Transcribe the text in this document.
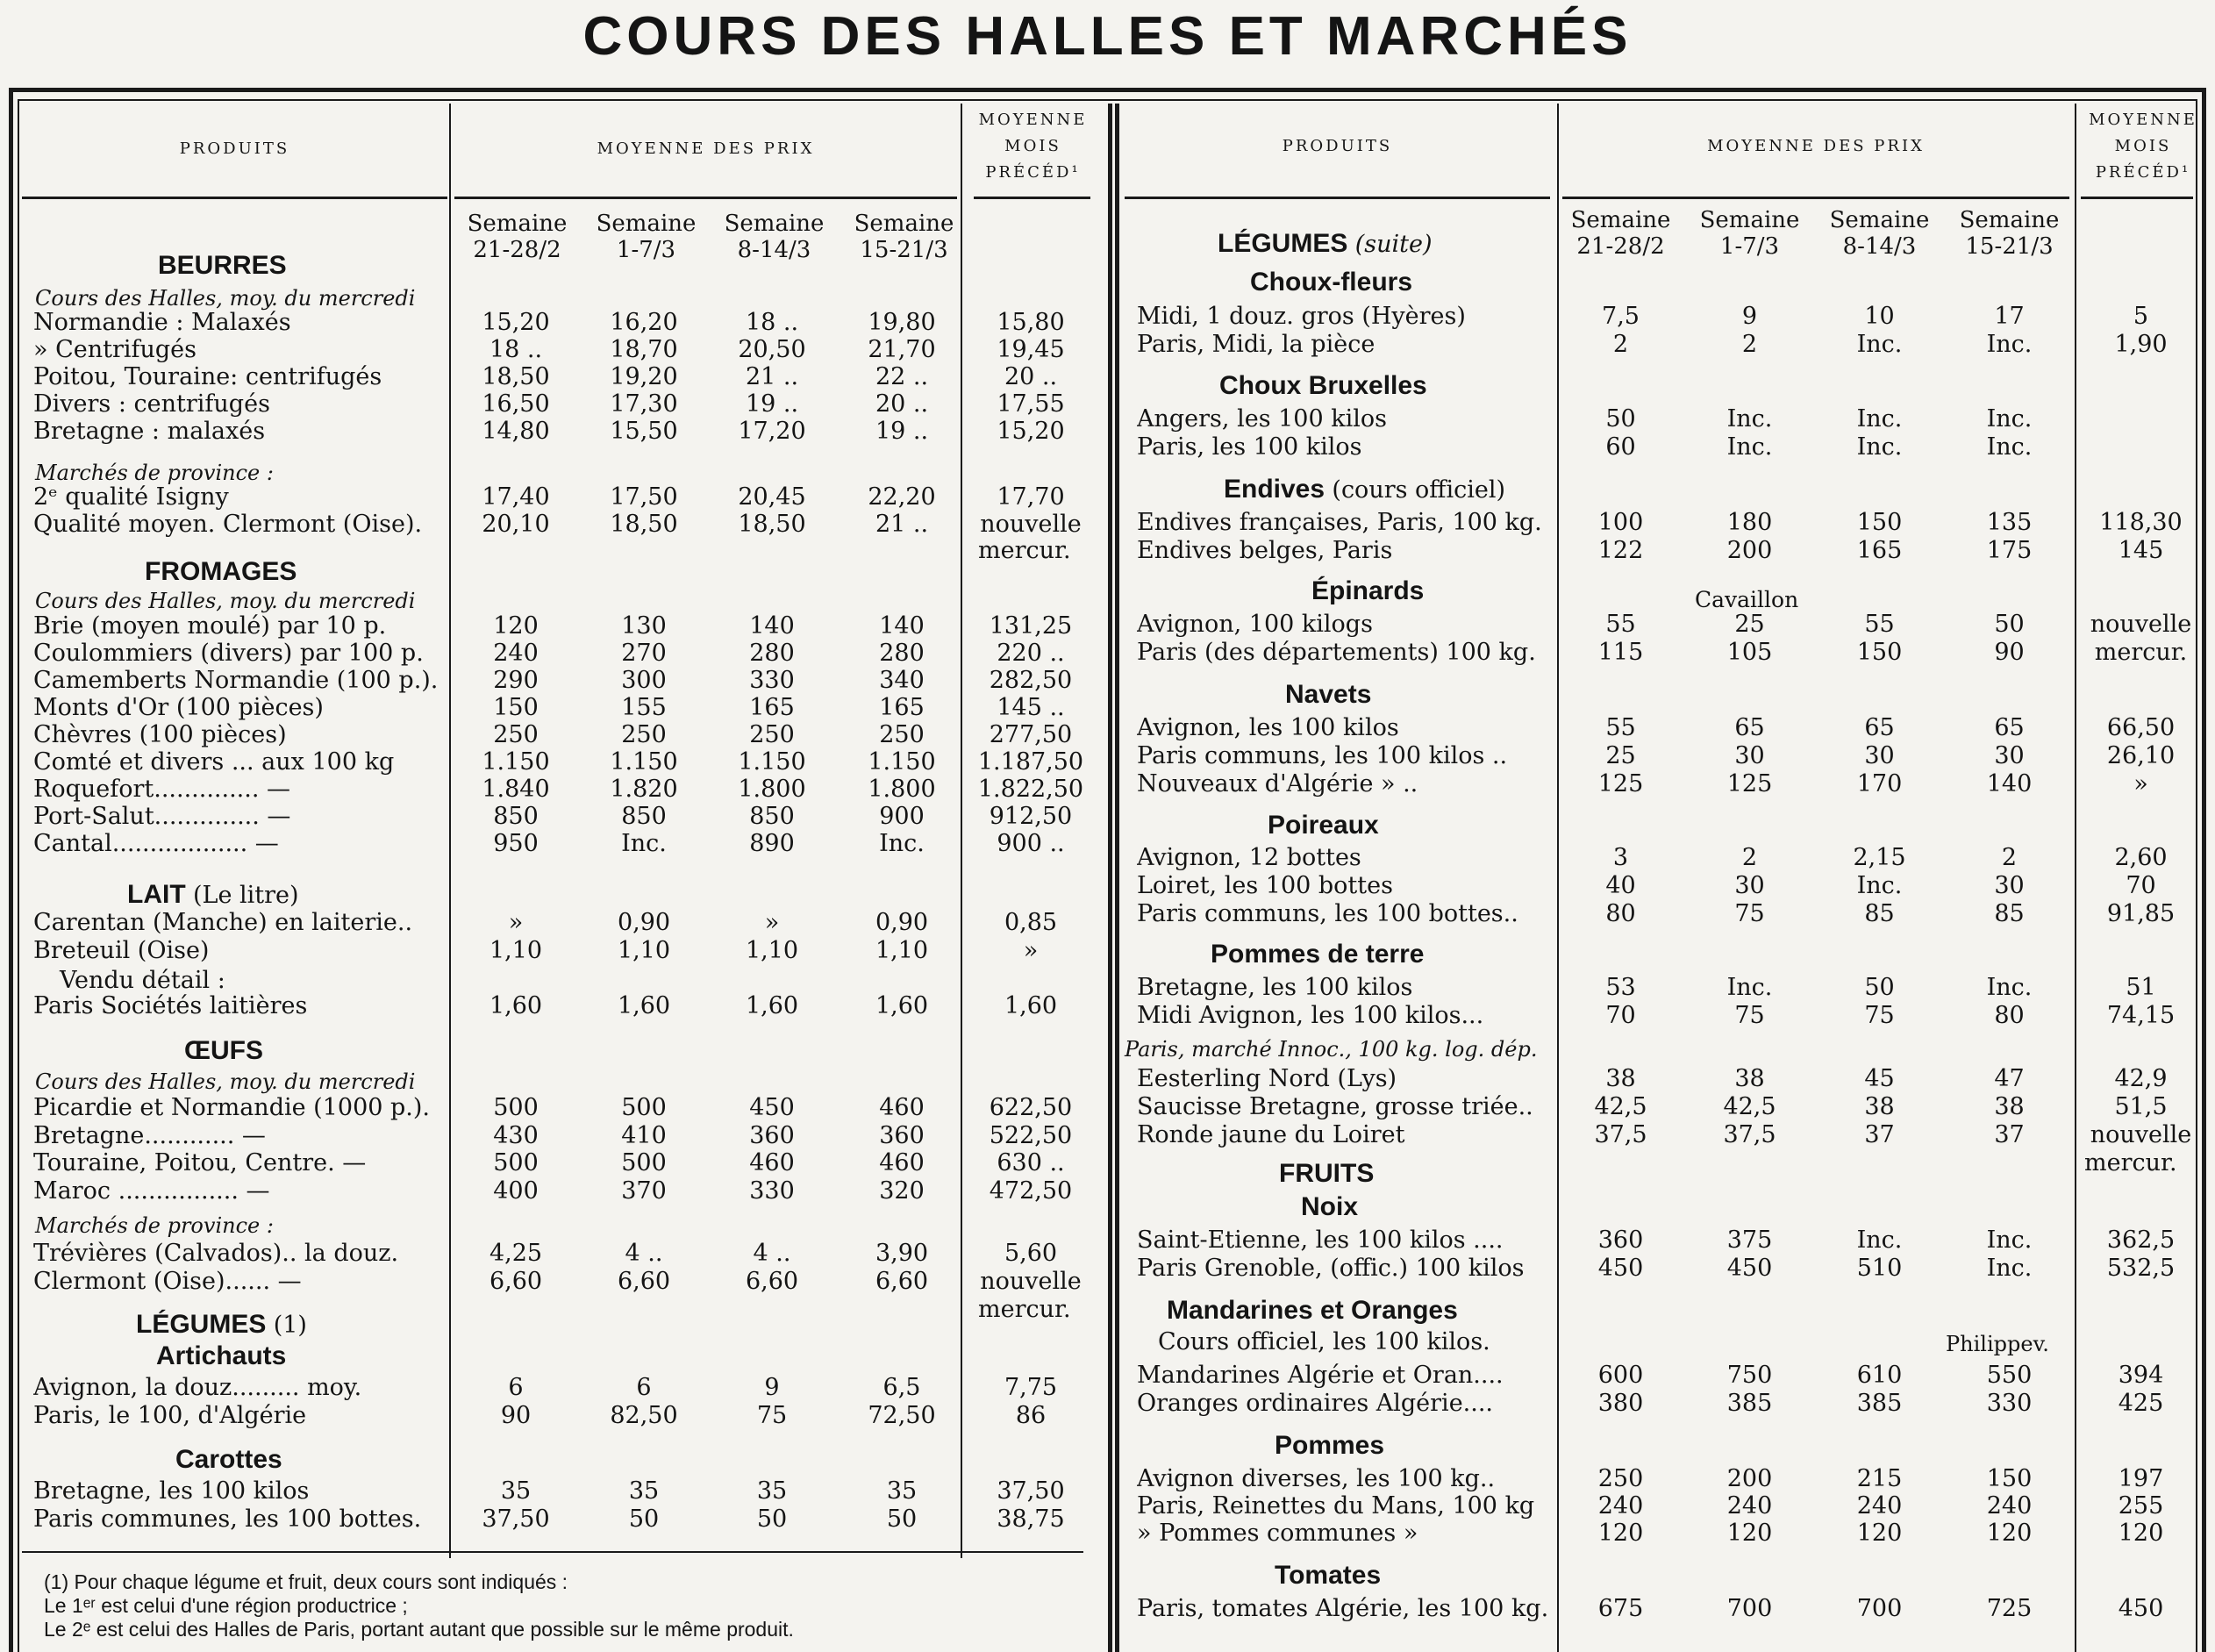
COURS DES HALLES ET MARCHÉS
PRODUITS	MOYENNE DES PRIX
MOYENNE
MOIS
PRÉCÉD¹
PRODUITS	MOYENNE DES PRIX
MOYENNE
MOIS
PRÉCÉD¹
Semaine
21-28/2
Semaine
1-7/3
Semaine
8-14/3
Semaine
15-21/3
Semaine
21-28/2
Semaine
1-7/3
Semaine
8-14/3
Semaine
15-21/3
BEURRES
Cours des Halles, moy. du mercredi
Normandie : Malaxés	15,20	16,20	18 ..	19,80	15,80
» Centrifugés	18 ..	18,70	20,50	21,70	19,45
Poitou, Touraine: centrifugés	18,50	19,20	21 ..	22 ..	20 ..
Divers : centrifugés	16,50	17,30	19 ..	20 ..	17,55
Bretagne : malaxés	14,80	15,50	17,20	19 ..	15,20
Marchés de province :
2ᵉ qualité Isigny	17,40	17,50	20,45	22,20	17,70
Qualité moyen. Clermont (Oise).	20,10	18,50	18,50	21 ..	nouvelle
mercur.
FROMAGES
Cours des Halles, moy. du mercredi
Brie (moyen moulé) par 10 p.	120	130	140	140	131,25
Coulommiers (divers) par 100 p.	240	270	280	280	220 ..
Camemberts Normandie (100 p.).	290	300	330	340	282,50
Monts d'Or (100 pièces)	150	155	165	165	145 ..
Chèvres (100 pièces)	250	250	250	250	277,50
Comté et divers ... aux 100 kg	1.150	1.150	1.150	1.150	1.187,50
Roquefort.............. —	1.840	1.820	1.800	1.800	1.822,50
Port-Salut.............. —	850	850	850	900	912,50
Cantal.................. —	950	Inc.	890	Inc.	900 ..
LAIT (Le litre)
Carentan (Manche) en laiterie..	»	0,90	»	0,90	0,85
Breteuil (Oise)	1,10	1,10	1,10	1,10	»
Vendu détail :
Paris Sociétés laitières	1,60	1,60	1,60	1,60	1,60
ŒUFS
Cours des Halles, moy. du mercredi
Picardie et Normandie (1000 p.).	500	500	450	460	622,50
Bretagne............ —	430	410	360	360	522,50
Touraine, Poitou, Centre. —	500	500	460	460	630 ..
Maroc ................ —	400	370	330	320	472,50
Marchés de province :
Trévières (Calvados).. la douz.	4,25	4 ..	4 ..	3,90	5,60
Clermont (Oise)...... —	6,60	6,60	6,60	6,60	nouvelle
mercur.
LÉGUMES (1)
Artichauts
Avignon, la douz......... moy.	6	6	9	6,5	7,75
Paris, le 100, d'Algérie	90	82,50	75	72,50	86
Carottes
Bretagne, les 100 kilos	35	35	35	35	37,50
Paris communes, les 100 bottes.	37,50	50	50	50	38,75
(1) Pour chaque légume et fruit, deux cours sont indiqués :
Le 1ᵉʳ est celui d'une région productrice ;
Le 2ᵉ est celui des Halles de Paris, portant autant que possible sur le même produit.
LÉGUMES (suite)
Choux-fleurs
Midi, 1 douz. gros (Hyères)	7,5	9	10	17	5
Paris, Midi, la pièce	2	2	Inc.	Inc.	1,90
Choux Bruxelles
Angers, les 100 kilos	50	Inc.	Inc.	Inc.
Paris, les 100 kilos	60	Inc.	Inc.	Inc.
Endives (cours officiel)
Endives françaises, Paris, 100 kg.	100	180	150	135	118,30
Endives belges, Paris	122	200	165	175	145
Épinards	Cavaillon
Avignon, 100 kilogs	55	25	55	50	nouvelle
Paris (des départements) 100 kg.	115	105	150	90	mercur.
Navets
Avignon, les 100 kilos	55	65	65	65	66,50
Paris communs, les 100 kilos ..	25	30	30	30	26,10
Nouveaux d'Algérie » ..	125	125	170	140	»
Poireaux
Avignon, 12 bottes	3	2	2,15	2	2,60
Loiret, les 100 bottes	40	30	Inc.	30	70
Paris communs, les 100 bottes..	80	75	85	85	91,85
Pommes de terre
Bretagne, les 100 kilos	53	Inc.	50	Inc.	51
Midi Avignon, les 100 kilos...	70	75	75	80	74,15
Paris, marché Innoc., 100 kg. log. dép.
Eesterling Nord (Lys)	38	38	45	47	42,9
Saucisse Bretagne, grosse triée..	42,5	42,5	38	38	51,5
Ronde jaune du Loiret	37,5	37,5	37	37	nouvelle
mercur.
FRUITS
Noix
Saint-Etienne, les 100 kilos ....	360	375	Inc.	Inc.	362,5
Paris Grenoble, (offic.) 100 kilos	450	450	510	Inc.	532,5
Mandarines et Oranges
Cours officiel, les 100 kilos.	Philippev.
Mandarines Algérie et Oran....	600	750	610	550	394
Oranges ordinaires Algérie....	380	385	385	330	425
Pommes
Avignon diverses, les 100 kg..	250	200	215	150	197
Paris, Reinettes du Mans, 100 kg	240	240	240	240	255
» Pommes communes »	120	120	120	120	120
Tomates
Paris, tomates Algérie, les 100 kg.	675	700	700	725	450
